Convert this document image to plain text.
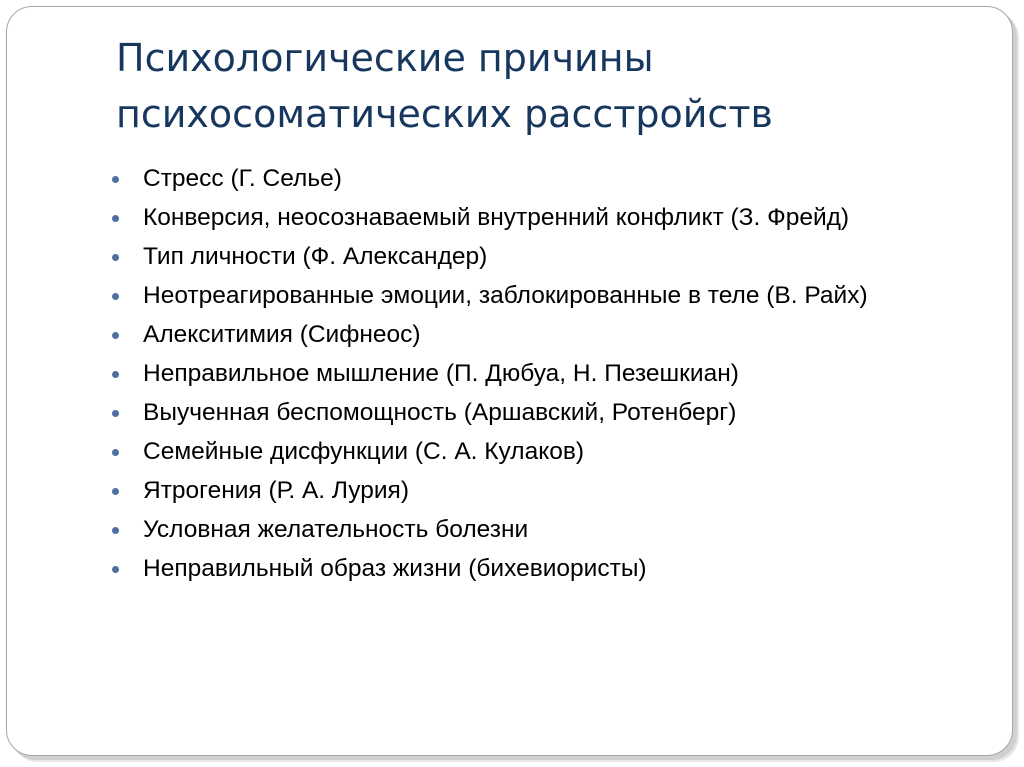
Психологические причины
психосоматических расстройств
Стресс (Г. Селье)
Конверсия, неосознаваемый внутренний конфликт (З. Фрейд)
Тип личности (Ф. Александер)
Неотреагированные эмоции, заблокированные в теле (В. Райх)
Алекситимия (Сифнеос)
Неправильное мышление (П. Дюбуа, Н. Пезешкиан)
Выученная беспомощность (Аршавский, Ротенберг)
Семейные дисфункции (С. А. Кулаков)
Ятрогения (Р. А. Лурия)
Условная желательность болезни
Неправильный образ жизни (бихевиористы)
